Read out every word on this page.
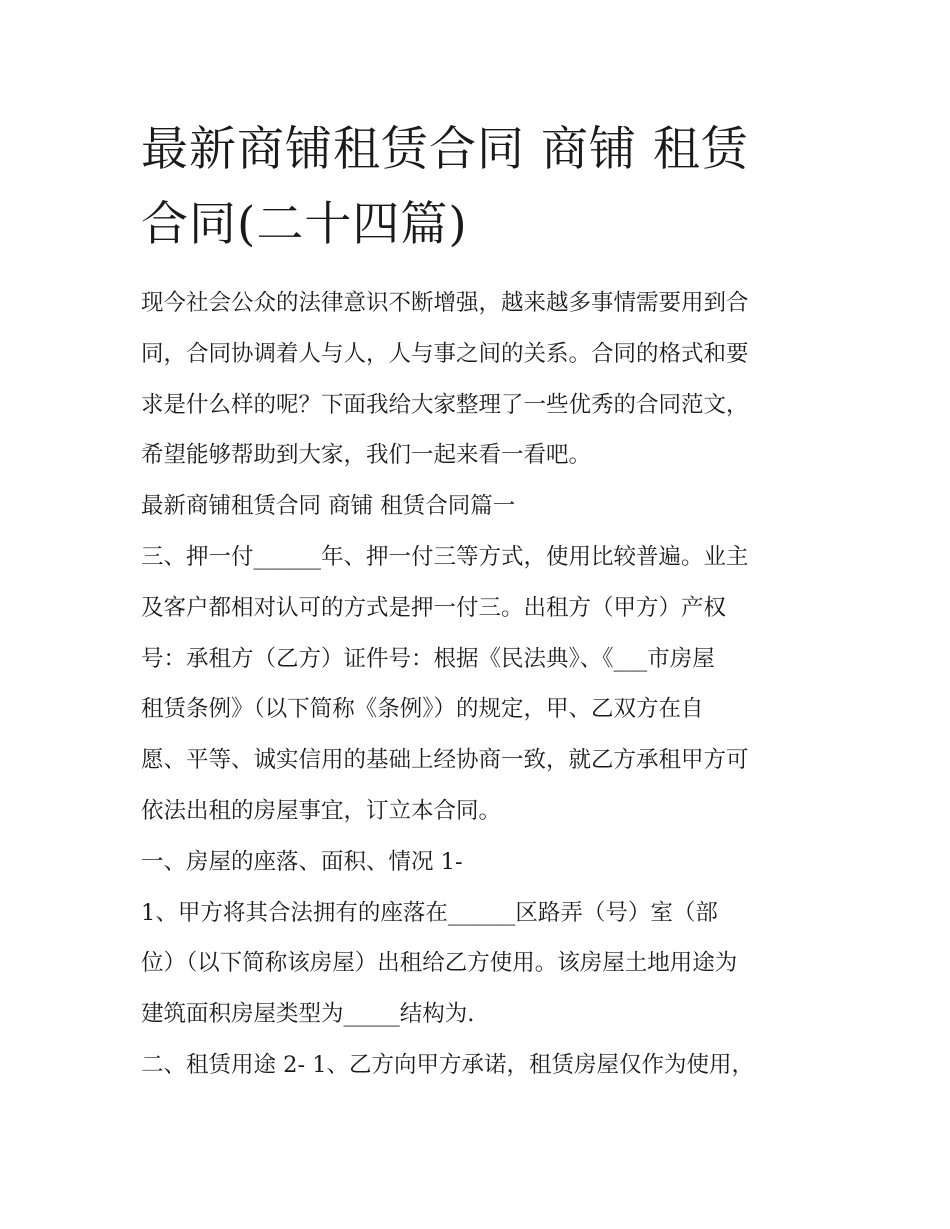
最新商铺租赁合同 商铺 租赁
合同(二十四篇)
现今社会公众的法律意识不断增强，越来越多事情需要用到合
同，合同协调着人与人，人与事之间的关系。合同的格式和要
求是什么样的呢？下面我给大家整理了一些优秀的合同范文，
希望能够帮助到大家，我们一起来看一看吧。
最新商铺租赁合同 商铺 租赁合同篇一
三、押一付______年、押一付三等方式，使用比较普遍。业主
及客户都相对认可的方式是押一付三。出租方（甲方）产权
号：承租方（乙方）证件号：根据《民法典》、《___市房屋
租赁条例》（以下简称《条例》）的规定，甲、乙双方在自
愿、平等、诚实信用的基础上经协商一致，就乙方承租甲方可
依法出租的房屋事宜，订立本合同。
一、房屋的座落、面积、情况 1-
1、甲方将其合法拥有的座落在______区路弄（号）室（部
位）（以下简称该房屋）出租给乙方使用。该房屋土地用途为
建筑面积房屋类型为_____结构为.
二、租赁用途 2- 1、乙方向甲方承诺，租赁房屋仅作为使用，
